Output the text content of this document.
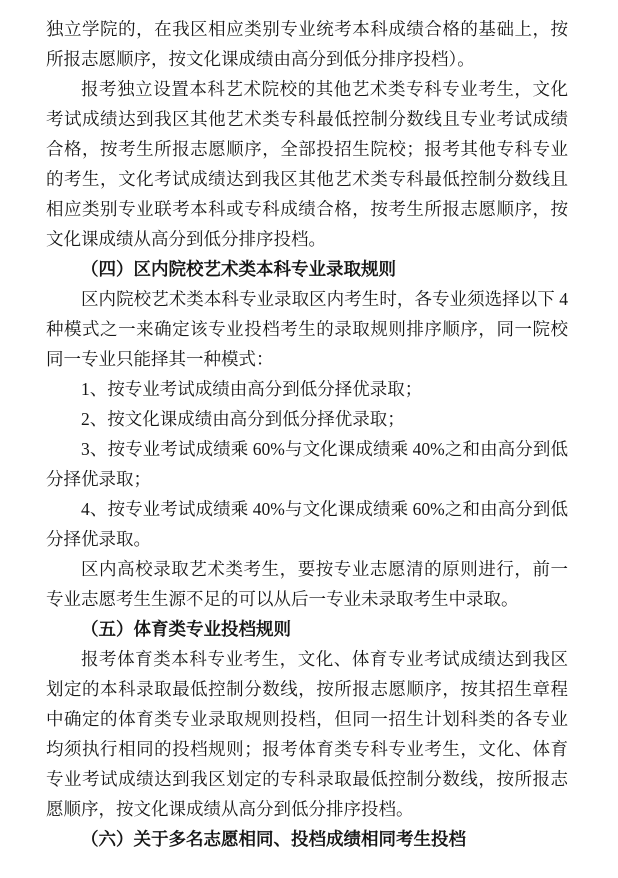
独立学院的，在我区相应类别专业统考本科成绩合格的基础上，按所报志愿顺序，按文化课成绩由高分到低分排序投档）。

报考独立设置本科艺术院校的其他艺术类专科专业考生，文化考试成绩达到我区其他艺术类专科最低控制分数线且专业考试成绩合格，按考生所报志愿顺序，全部投招生院校；报考其他专科专业的考生，文化考试成绩达到我区其他艺术类专科最低控制分数线且相应类别专业联考本科或专科成绩合格，按考生所报志愿顺序，按文化课成绩从高分到低分排序投档。

（四）区内院校艺术类本科专业录取规则

区内院校艺术类本科专业录取区内考生时，各专业须选择以下 4 种模式之一来确定该专业投档考生的录取规则排序顺序，同一院校同一专业只能择其一种模式：

1、按专业考试成绩由高分到低分择优录取；

2、按文化课成绩由高分到低分择优录取；

3、按专业考试成绩乘 60%与文化课成绩乘 40%之和由高分到低分择优录取；

4、按专业考试成绩乘 40%与文化课成绩乘 60%之和由高分到低分择优录取。

区内高校录取艺术类考生，要按专业志愿清的原则进行，前一专业志愿考生生源不足的可以从后一专业未录取考生中录取。

（五）体育类专业投档规则

报考体育类本科专业考生，文化、体育专业考试成绩达到我区划定的本科录取最低控制分数线，按所报志愿顺序，按其招生章程中确定的体育类专业录取规则投档，但同一招生计划科类的各专业均须执行相同的投档规则；报考体育类专科专业考生，文化、体育专业考试成绩达到我区划定的专科录取最低控制分数线，按所报志愿顺序，按文化课成绩从高分到低分排序投档。

（六）关于多名志愿相同、投档成绩相同考生投档
